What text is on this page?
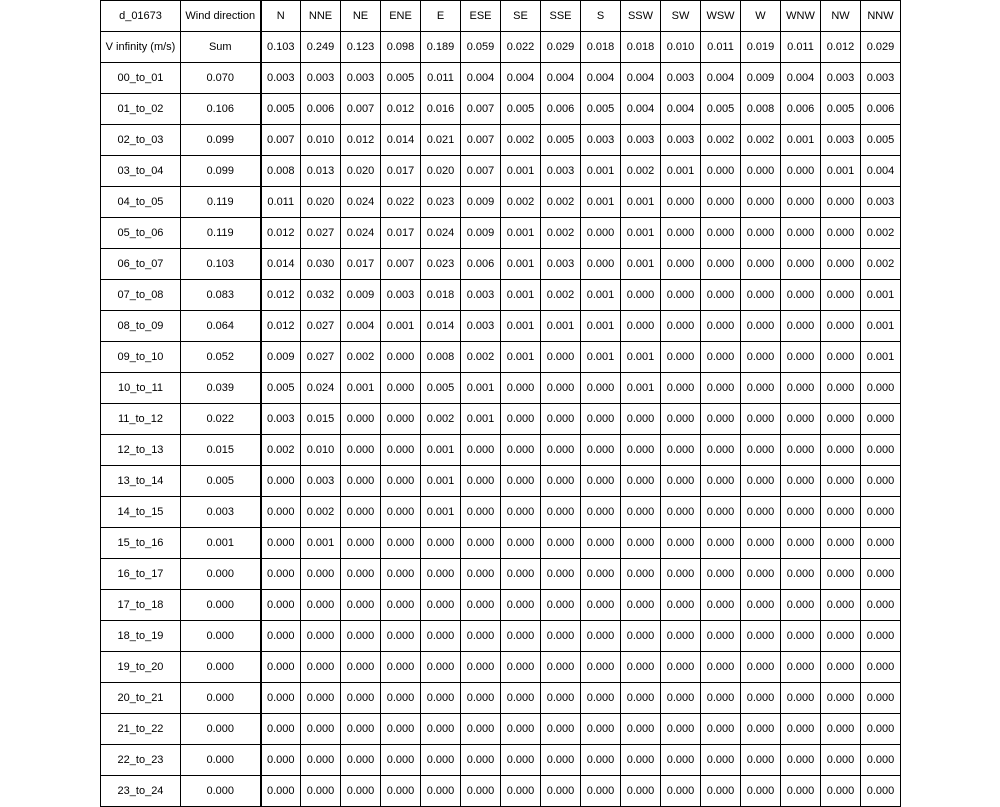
d_01673	Wind direction	N	NNE	NE	ENE	E	ESE	SE	SSE	S	SSW	SW	WSW	W	WNW	NW	NNW
V infinity (m/s)	Sum	0.103	0.249	0.123	0.098	0.189	0.059	0.022	0.029	0.018	0.018	0.010	0.011	0.019	0.011	0.012	0.029
00_to_01	0.070	0.003	0.003	0.003	0.005	0.011	0.004	0.004	0.004	0.004	0.004	0.003	0.004	0.009	0.004	0.003	0.003
01_to_02	0.106	0.005	0.006	0.007	0.012	0.016	0.007	0.005	0.006	0.005	0.004	0.004	0.005	0.008	0.006	0.005	0.006
02_to_03	0.099	0.007	0.010	0.012	0.014	0.021	0.007	0.002	0.005	0.003	0.003	0.003	0.002	0.002	0.001	0.003	0.005
03_to_04	0.099	0.008	0.013	0.020	0.017	0.020	0.007	0.001	0.003	0.001	0.002	0.001	0.000	0.000	0.000	0.001	0.004
04_to_05	0.119	0.011	0.020	0.024	0.022	0.023	0.009	0.002	0.002	0.001	0.001	0.000	0.000	0.000	0.000	0.000	0.003
05_to_06	0.119	0.012	0.027	0.024	0.017	0.024	0.009	0.001	0.002	0.000	0.001	0.000	0.000	0.000	0.000	0.000	0.002
06_to_07	0.103	0.014	0.030	0.017	0.007	0.023	0.006	0.001	0.003	0.000	0.001	0.000	0.000	0.000	0.000	0.000	0.002
07_to_08	0.083	0.012	0.032	0.009	0.003	0.018	0.003	0.001	0.002	0.001	0.000	0.000	0.000	0.000	0.000	0.000	0.001
08_to_09	0.064	0.012	0.027	0.004	0.001	0.014	0.003	0.001	0.001	0.001	0.000	0.000	0.000	0.000	0.000	0.000	0.001
09_to_10	0.052	0.009	0.027	0.002	0.000	0.008	0.002	0.001	0.000	0.001	0.001	0.000	0.000	0.000	0.000	0.000	0.001
10_to_11	0.039	0.005	0.024	0.001	0.000	0.005	0.001	0.000	0.000	0.000	0.001	0.000	0.000	0.000	0.000	0.000	0.000
11_to_12	0.022	0.003	0.015	0.000	0.000	0.002	0.001	0.000	0.000	0.000	0.000	0.000	0.000	0.000	0.000	0.000	0.000
12_to_13	0.015	0.002	0.010	0.000	0.000	0.001	0.000	0.000	0.000	0.000	0.000	0.000	0.000	0.000	0.000	0.000	0.000
13_to_14	0.005	0.000	0.003	0.000	0.000	0.001	0.000	0.000	0.000	0.000	0.000	0.000	0.000	0.000	0.000	0.000	0.000
14_to_15	0.003	0.000	0.002	0.000	0.000	0.001	0.000	0.000	0.000	0.000	0.000	0.000	0.000	0.000	0.000	0.000	0.000
15_to_16	0.001	0.000	0.001	0.000	0.000	0.000	0.000	0.000	0.000	0.000	0.000	0.000	0.000	0.000	0.000	0.000	0.000
16_to_17	0.000	0.000	0.000	0.000	0.000	0.000	0.000	0.000	0.000	0.000	0.000	0.000	0.000	0.000	0.000	0.000	0.000
17_to_18	0.000	0.000	0.000	0.000	0.000	0.000	0.000	0.000	0.000	0.000	0.000	0.000	0.000	0.000	0.000	0.000	0.000
18_to_19	0.000	0.000	0.000	0.000	0.000	0.000	0.000	0.000	0.000	0.000	0.000	0.000	0.000	0.000	0.000	0.000	0.000
19_to_20	0.000	0.000	0.000	0.000	0.000	0.000	0.000	0.000	0.000	0.000	0.000	0.000	0.000	0.000	0.000	0.000	0.000
20_to_21	0.000	0.000	0.000	0.000	0.000	0.000	0.000	0.000	0.000	0.000	0.000	0.000	0.000	0.000	0.000	0.000	0.000
21_to_22	0.000	0.000	0.000	0.000	0.000	0.000	0.000	0.000	0.000	0.000	0.000	0.000	0.000	0.000	0.000	0.000	0.000
22_to_23	0.000	0.000	0.000	0.000	0.000	0.000	0.000	0.000	0.000	0.000	0.000	0.000	0.000	0.000	0.000	0.000	0.000
23_to_24	0.000	0.000	0.000	0.000	0.000	0.000	0.000	0.000	0.000	0.000	0.000	0.000	0.000	0.000	0.000	0.000	0.000
